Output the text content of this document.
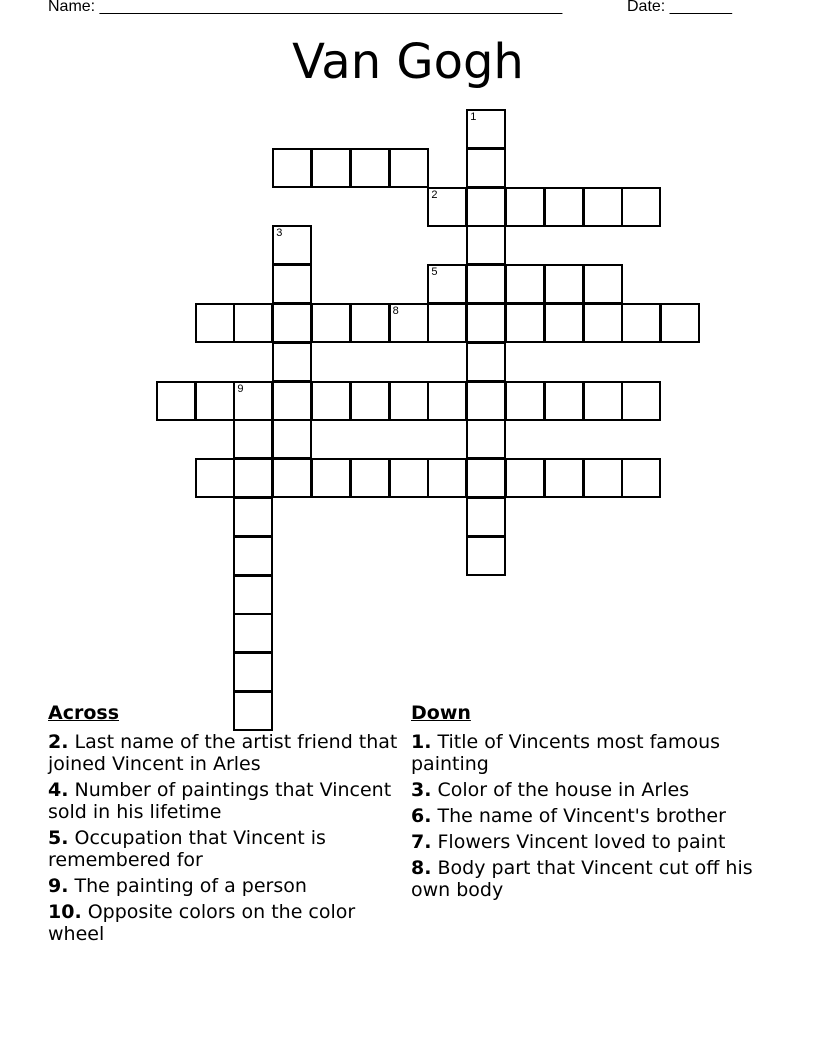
Name: ____________________________________________________	Date: _______
Van Gogh
1
2
3
5
8
9
Across
2. Last name of the artist friend that joined Vincent in Arles
4. Number of paintings that Vincent sold in his lifetime
5. Occupation that Vincent is remembered for
9. The painting of a person
10. Opposite colors on the color wheel
Down
1. Title of Vincents most famous painting
3. Color of the house in Arles
6. The name of Vincent's brother
7. Flowers Vincent loved to paint
8. Body part that Vincent cut off his own body
